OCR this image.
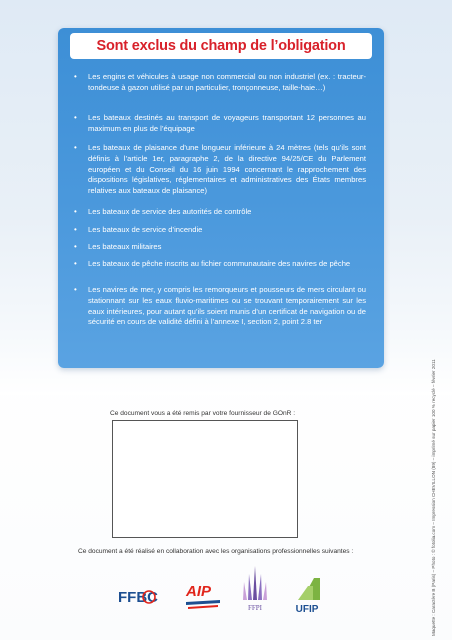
Sont exclus du champ de l’obligation
•	Les engins et véhicules à usage non commercial ou non industriel (ex. : tracteur-tondeuse à gazon utilisé par un particulier, tronçonneuse, taille-haie…)
•	Les bateaux destinés au transport de voyageurs transportant 12 personnes au maximum en plus de l’équipage
•	Les bateaux de plaisance d’une longueur inférieure à 24 mètres (tels qu’ils sont définis à l’article 1er, paragraphe 2, de la directive 94/25/CE du Parlement européen et du Conseil du 16 juin 1994 concernant le rapprochement des dispositions législatives, réglementaires et administratives des États membres relatives aux bateaux de plaisance)
•	Les bateaux de service des autorités de contrôle
•	Les bateaux de service d’incendie
•	Les bateaux militaires
•	Les bateaux de pêche inscrits au fichier communautaire des navires de pêche
•	Les navires de mer, y compris les remorqueurs et pousseurs de mers circulant ou stationnant sur les eaux fluvio-maritimes ou se trouvant temporairement sur les eaux intérieures, pour autant qu’ils soient munis d’un certificat de navigation ou de sécurité en cours de validité défini à l’annexe I, section 2, point 2.8 ter
Ce document vous a été remis par votre fournisseur de GOnR :
Ce document a été réalisé en collaboration avec les organisations professionnelles suivantes :
FFBC AIP
FFPI	UFIP	Maquette : Caractère B (Paris) – Photo : © fotolia.com – Impression CHEVILLON (89) – imprimé sur papier 100 % recyclé – février 2011
